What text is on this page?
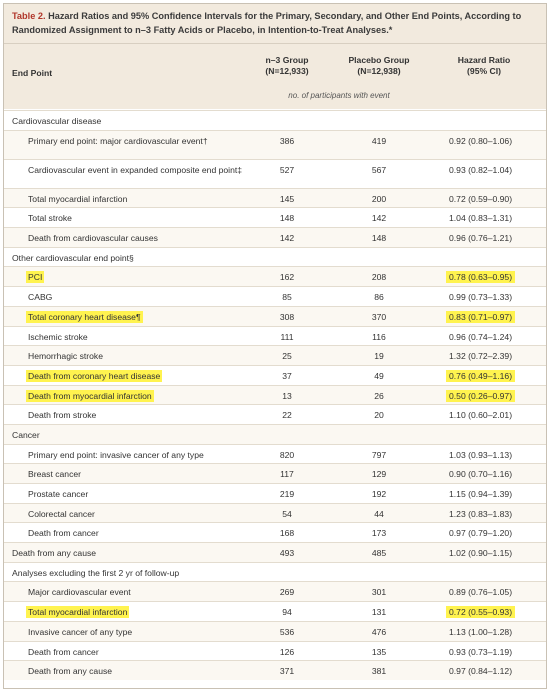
Table 2. Hazard Ratios and 95% Confidence Intervals for the Primary, Secondary, and Other End Points, According to Randomized Assignment to n–3 Fatty Acids or Placebo, in Intention-to-Treat Analyses.*
End Point
n–3 Group
(N=12,933)
Placebo Group
(N=12,938)
Hazard Ratio
(95% CI)
no. of participants with event
Cardiovascular disease
Primary end point: major cardiovascular event†	386	419	0.92 (0.80–1.06)
Cardiovascular event in expanded composite end point‡	527	567	0.93 (0.82–1.04)
Total myocardial infarction	145	200	0.72 (0.59–0.90)
Total stroke	148	142	1.04 (0.83–1.31)
Death from cardiovascular causes	142	148	0.96 (0.76–1.21)
Other cardiovascular end point§
PCI	162	208	0.78 (0.63–0.95)
CABG	85	86	0.99 (0.73–1.33)
Total coronary heart disease¶	308	370	0.83 (0.71–0.97)
Ischemic stroke	111	116	0.96 (0.74–1.24)
Hemorrhagic stroke	25	19	1.32 (0.72–2.39)
Death from coronary heart disease	37	49	0.76 (0.49–1.16)
Death from myocardial infarction	13	26	0.50 (0.26–0.97)
Death from stroke	22	20	1.10 (0.60–2.01)
Cancer
Primary end point: invasive cancer of any type	820	797	1.03 (0.93–1.13)
Breast cancer	117	129	0.90 (0.70–1.16)
Prostate cancer	219	192	1.15 (0.94–1.39)
Colorectal cancer	54	44	1.23 (0.83–1.83)
Death from cancer	168	173	0.97 (0.79–1.20)
Death from any cause	493	485	1.02 (0.90–1.15)
Analyses excluding the first 2 yr of follow-up
Major cardiovascular event	269	301	0.89 (0.76–1.05)
Total myocardial infarction	94	131	0.72 (0.55–0.93)
Invasive cancer of any type	536	476	1.13 (1.00–1.28)
Death from cancer	126	135	0.93 (0.73–1.19)
Death from any cause	371	381	0.97 (0.84–1.12)
